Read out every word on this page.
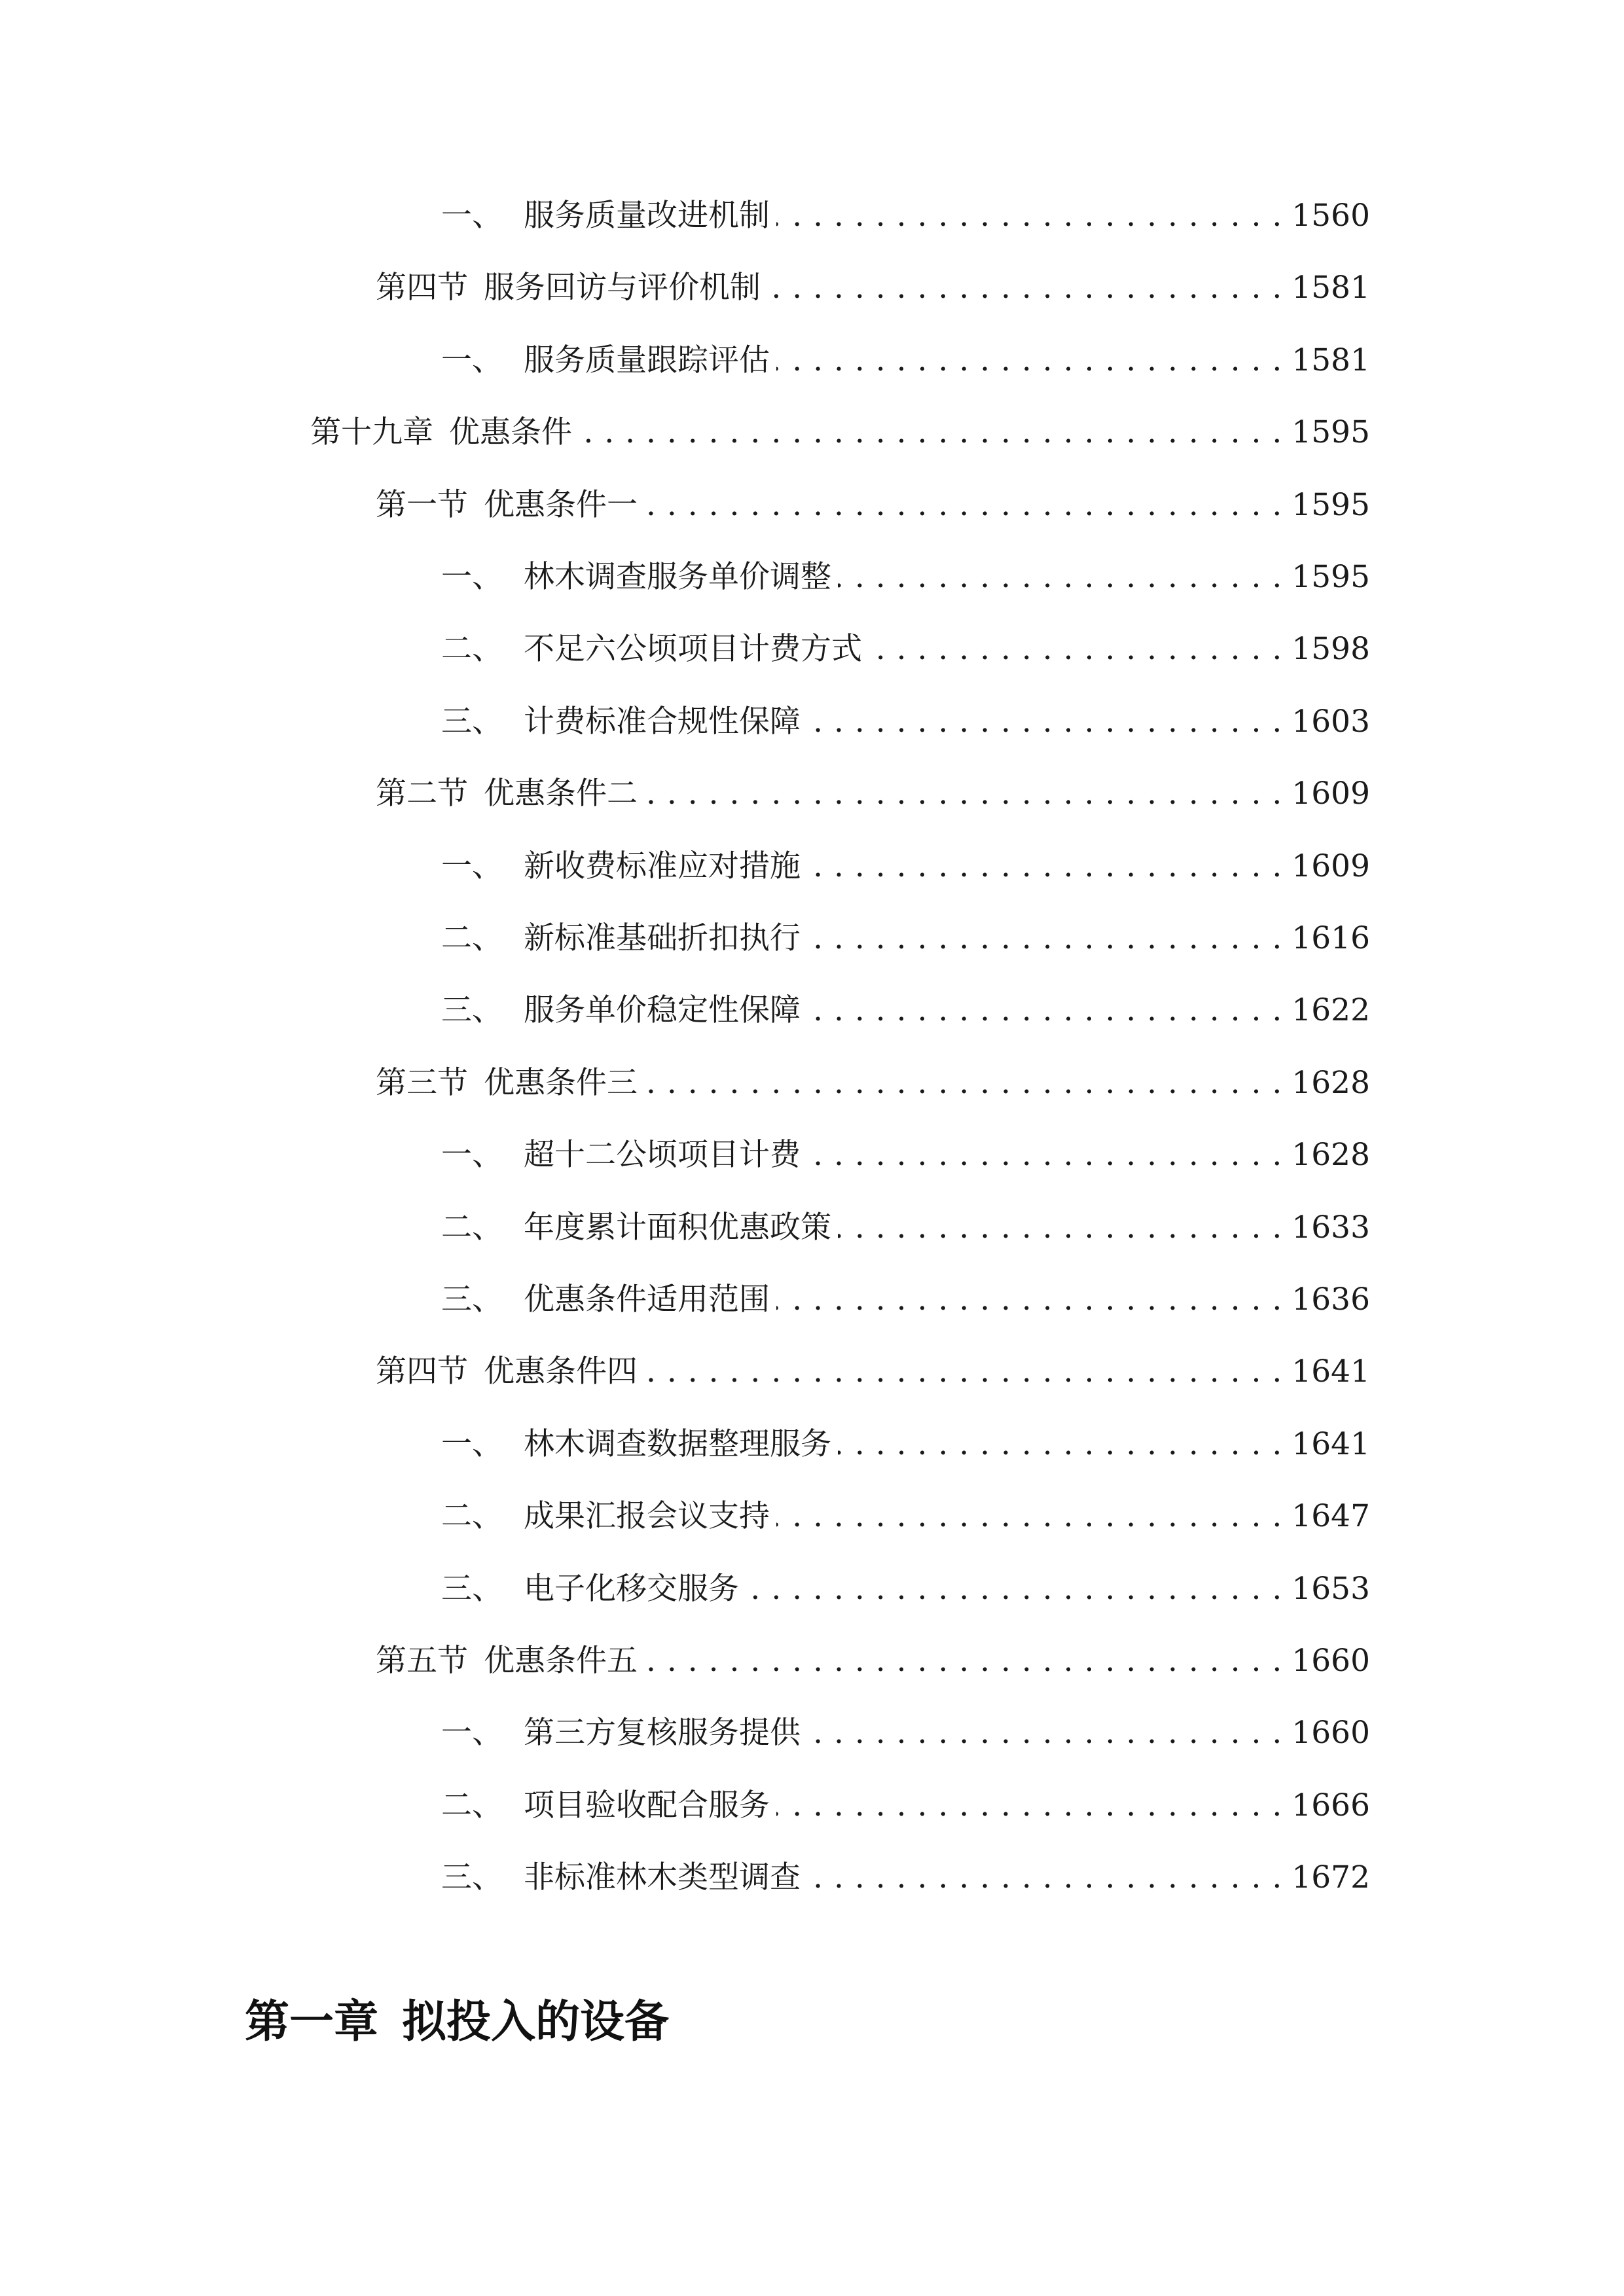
一、 服务质量改进机制 . . .	1560
第四节 服务回访与评价机制 . . .	1581
一、 服务质量跟踪评估 . . .	1581
第十九章 优惠条件 . . .	1595
第一节 优惠条件一 . . .	1595
一、 林木调查服务单价调整 . . .	1595
二、 不足六公顷项目计费方式 . . .	1598
三、 计费标准合规性保障 . . .	1603
第二节 优惠条件二 . . .	1609
一、 新收费标准应对措施 . . .	1609
二、 新标准基础折扣执行 . . .	1616
三、 服务单价稳定性保障 . . .	1622
第三节 优惠条件三 . . .	1628
一、 超十二公顷项目计费 . . .	1628
二、 年度累计面积优惠政策 . . .	1633
三、 优惠条件适用范围 . . .	1636
第四节 优惠条件四 . . .	1641
一、 林木调查数据整理服务 . . .	1641
二、 成果汇报会议支持 . . .	1647
三、 电子化移交服务 . . .	1653
第五节 优惠条件五 . . .	1660
一、 第三方复核服务提供 . . .	1660
二、 项目验收配合服务 . . .	1666
三、 非标准林木类型调查 . . .	1672
第一章 拟投入的设备
